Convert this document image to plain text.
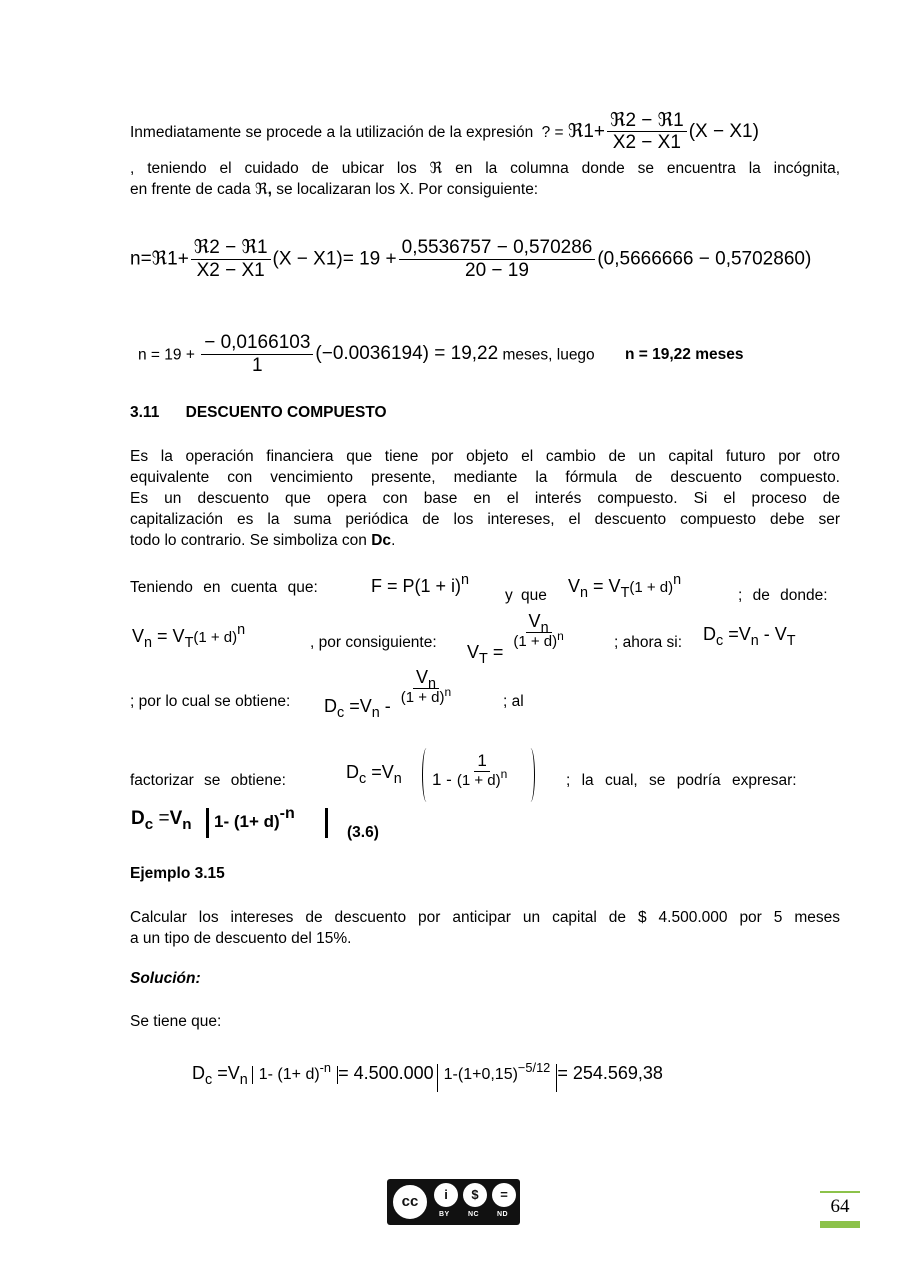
Inmediatamente se procede a la utilización de la expresión ? = ℜ1+ $\frac{\text{ℜ2 − ℜ1}}{X2 - X1} (X - X1)$
, teniendo el cuidado de ubicar los ℜ en la columna donde se encuentra la incógnita,
en frente de cada ℜ, se localizaran los X. Por consiguiente:
n=ℜ1+ $\frac{\text{ℜ2 − ℜ1}}{X2 - X1} (X - X1)= 19 + \frac{0,5536757 - 0,570286}{20 - 19} (0,5666666 - 0,5702860)$
$n = 19 + \frac{- 0,0166103}{1} (-0.0036194) = 19,22$ meses, luego n = 19,22 meses
3.11 DESCUENTO COMPUESTO
Es la operación financiera que tiene por objeto el cambio de un capital futuro por otro
equivalente con vencimiento presente, mediante la fórmula de descuento compuesto.
Es un descuento que opera con base en el interés compuesto. Si el proceso de
capitalización es la suma periódica de los intereses, el descuento compuesto debe ser
todo lo contrario. Se simboliza con Dc.
Teniendo en cuenta que:	$F = P(1 + i)^n$
y que $V_n = V_T(1 + d)^n$
; de donde:
$V_n = V_T(1 + d)^n$
, por consiguiente: $V_T$ =
$\frac{V_n}{(1 + d)^n}$	; ahora si: $D_c =V_n - V_T$
; por lo cual se obtiene: $D_c =V_n - \frac{V_n}{(1 + d)^n}$	; al
factorizar se obtiene:	$D_c =V_n$ $1 - \frac{1}{(1 + d)^n}$	; la cual, se podría expresar:
$D_c =V_n$ 1- (1+ d)-n
(3.6)
Ejemplo 3.15
Calcular los intereses de descuento por anticipar un capital de $ 4.500.000 por 5 meses
a un tipo de descuento del 15%.
Solución:
Se tiene que:
$D_c =V_n$ 1- $(1+ d)^{-n} = 4.500.000$ $1-(1+0,15)^{-5/12} = 254.569,38$
cc	i	$	=
BY	NC	ND	64
